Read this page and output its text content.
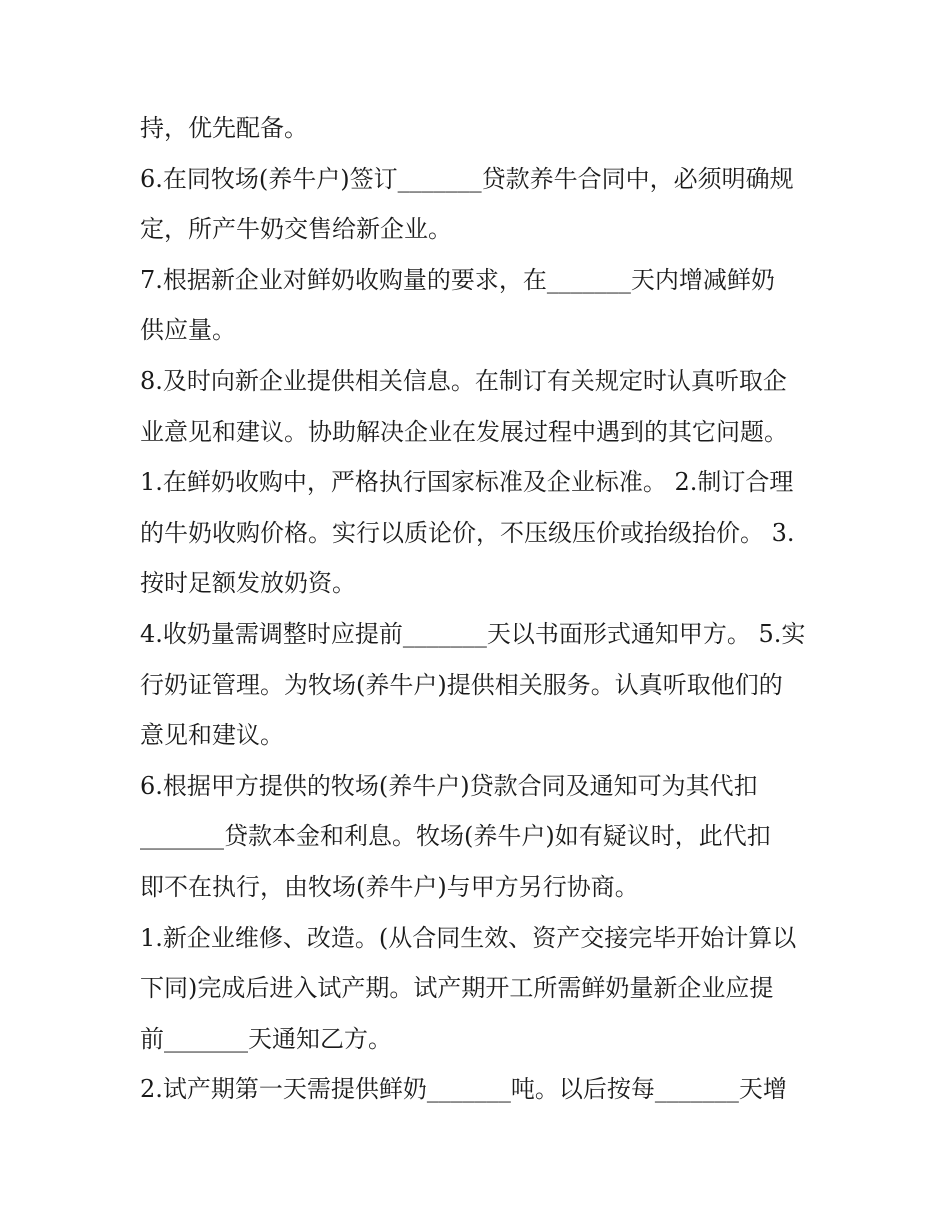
持，优先配备。
6.在同牧场(养牛户)签订_______贷款养牛合同中，必须明确规
定，所产牛奶交售给新企业。
7.根据新企业对鲜奶收购量的要求，在_______天内增减鲜奶
供应量。
8.及时向新企业提供相关信息。在制订有关规定时认真听取企
业意见和建议。协助解决企业在发展过程中遇到的其它问题。
1.在鲜奶收购中，严格执行国家标准及企业标准。 2.制订合理
的牛奶收购价格。实行以质论价，不压级压价或抬级抬价。 3.
按时足额发放奶资。
4.收奶量需调整时应提前_______天以书面形式通知甲方。 5.实
行奶证管理。为牧场(养牛户)提供相关服务。认真听取他们的
意见和建议。
6.根据甲方提供的牧场(养牛户)贷款合同及通知可为其代扣
_______贷款本金和利息。牧场(养牛户)如有疑议时，此代扣
即不在执行，由牧场(养牛户)与甲方另行协商。
1.新企业维修、改造。(从合同生效、资产交接完毕开始计算以
下同)完成后进入试产期。试产期开工所需鲜奶量新企业应提
前_______天通知乙方。
2.试产期第一天需提供鲜奶_______吨。以后按每_______天增
